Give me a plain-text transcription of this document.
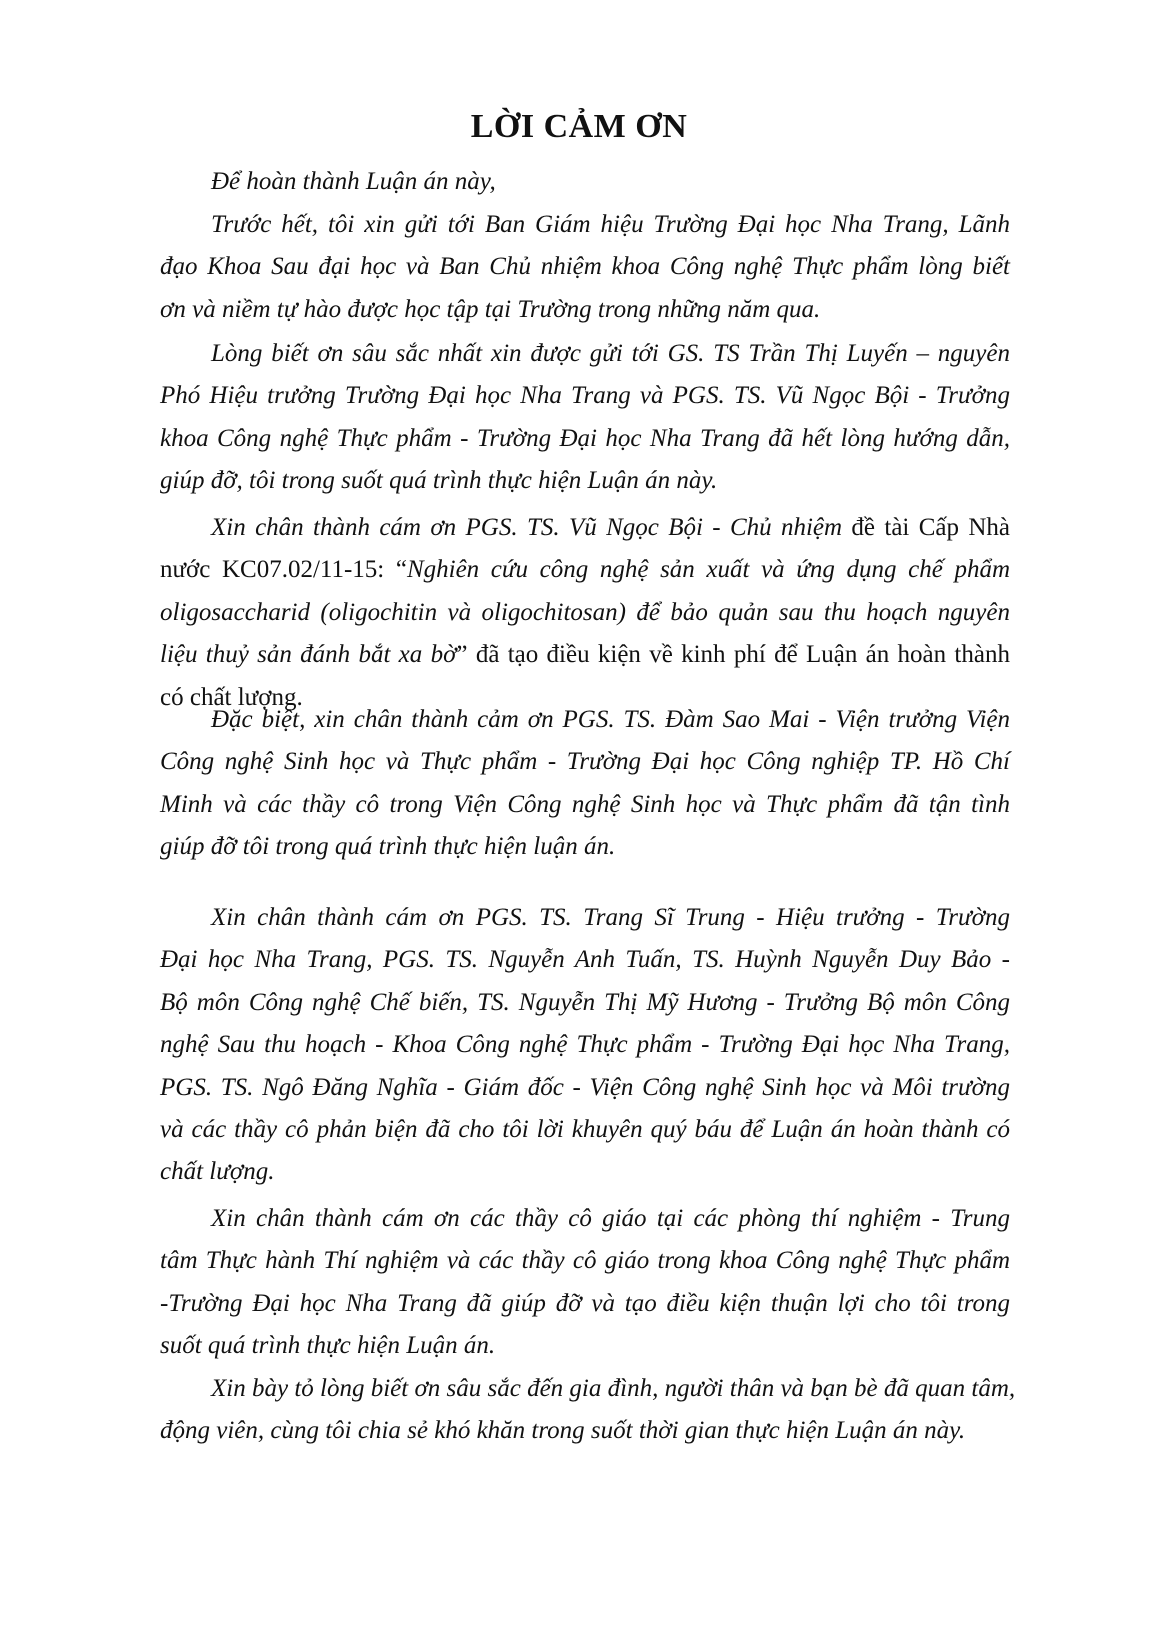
LỜI CẢM ƠN
Để hoàn thành Luận án này,
Trước hết, tôi xin gửi tới Ban Giám hiệu Trường Đại học Nha Trang, Lãnh
đạo Khoa Sau đại học và Ban Chủ nhiệm khoa Công nghệ Thực phẩm lòng biết
ơn và niềm tự hào được học tập tại Trường trong những năm qua.
Lòng biết ơn sâu sắc nhất xin được gửi tới GS. TS Trần Thị Luyến – nguyên
Phó Hiệu trưởng Trường Đại học Nha Trang và PGS. TS. Vũ Ngọc Bội - Trưởng
khoa Công nghệ Thực phẩm - Trường Đại học Nha Trang đã hết lòng hướng dẫn,
giúp đỡ, tôi trong suốt quá trình thực hiện Luận án này.
Xin chân thành cám ơn PGS. TS. Vũ Ngọc Bội - Chủ nhiệm đề tài Cấp Nhà
nước KC07.02/11-15: “Nghiên cứu công nghệ sản xuất và ứng dụng chế phẩm
oligosaccharid (oligochitin và oligochitosan) để bảo quản sau thu hoạch nguyên
liệu thuỷ sản đánh bắt xa bờ” đã tạo điều kiện về kinh phí để Luận án hoàn thành
có chất lượng.
Đặc biệt, xin chân thành cảm ơn PGS. TS. Đàm Sao Mai - Viện trưởng Viện
Công nghệ Sinh học và Thực phẩm - Trường Đại học Công nghiệp TP. Hồ Chí
Minh và các thầy cô trong Viện Công nghệ Sinh học và Thực phẩm đã tận tình
giúp đỡ tôi trong quá trình thực hiện luận án.
Xin chân thành cám ơn PGS. TS. Trang Sĩ Trung - Hiệu trưởng - Trường
Đại học Nha Trang, PGS. TS. Nguyễn Anh Tuấn, TS. Huỳnh Nguyễn Duy Bảo -
Bộ môn Công nghệ Chế biến, TS. Nguyễn Thị Mỹ Hương - Trưởng Bộ môn Công
nghệ Sau thu hoạch - Khoa Công nghệ Thực phẩm - Trường Đại học Nha Trang,
PGS. TS. Ngô Đăng Nghĩa - Giám đốc - Viện Công nghệ Sinh học và Môi trường
và các thầy cô phản biện đã cho tôi lời khuyên quý báu để Luận án hoàn thành có
chất lượng.
Xin chân thành cám ơn các thầy cô giáo tại các phòng thí nghiệm - Trung
tâm Thực hành Thí nghiệm và các thầy cô giáo trong khoa Công nghệ Thực phẩm
-Trường Đại học Nha Trang đã giúp đỡ và tạo điều kiện thuận lợi cho tôi trong
suốt quá trình thực hiện Luận án.
Xin bày tỏ lòng biết ơn sâu sắc đến gia đình, người thân và bạn bè đã quan tâm,
động viên, cùng tôi chia sẻ khó khăn trong suốt thời gian thực hiện Luận án này.
